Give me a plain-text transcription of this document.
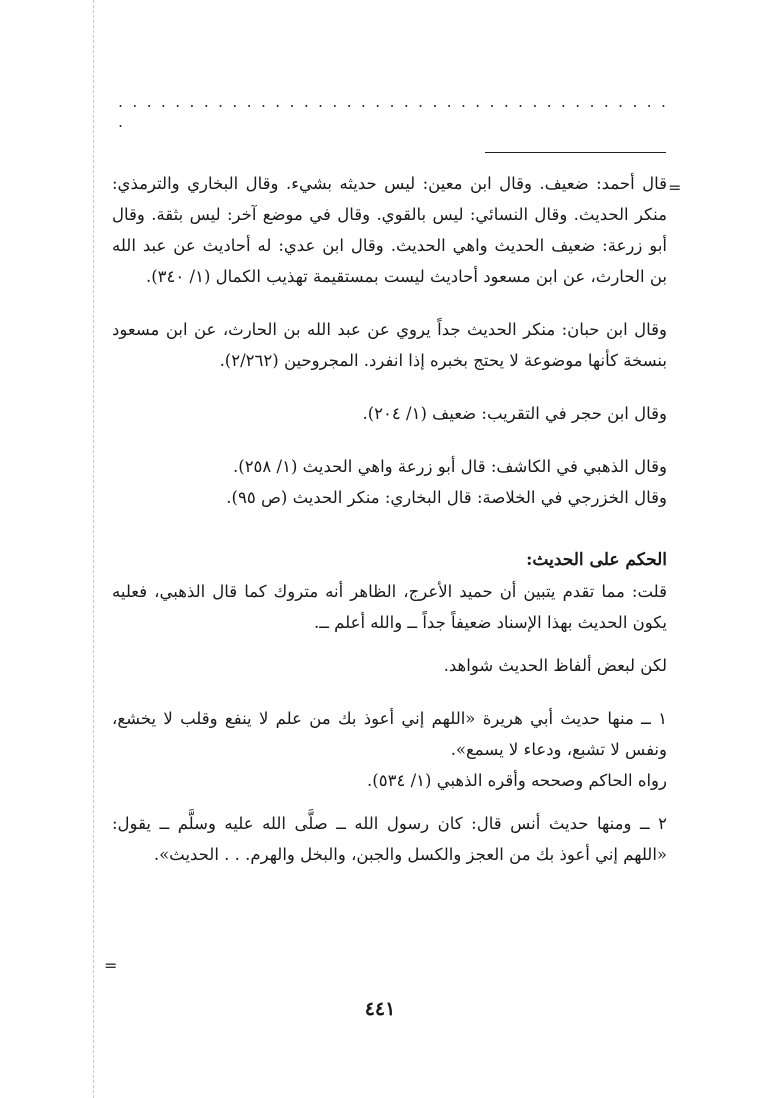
. . . . . . . . . . . . . . . . . . . . . . . . . . . . . . . . . . . . . . . .
=
=

قال أحمد: ضعيف. وقال ابن معين: ليس حديثه بشيء. وقال البخاري والترمذي: منكر الحديث. وقال النسائي: ليس بالقوي. وقال في موضع آخر: ليس بثقة. وقال أبو زرعة: ضعيف الحديث واهي الحديث. وقال ابن عدي: له أحاديث عن عبد الله بن الحارث، عن ابن مسعود أحاديث ليست بمستقيمة تهذيب الكمال (١/ ٣٤٠).

وقال ابن حبان: منكر الحديث جداً يروي عن عبد الله بن الحارث، عن ابن مسعود بنسخة كأنها موضوعة لا يحتج بخبره إذا انفرد. المجروحين (٢/٢٦٢).

وقال ابن حجر في التقريب: ضعيف (١/ ٢٠٤).

وقال الذهبي في الكاشف: قال أبو زرعة واهي الحديث (١/ ٢٥٨).

وقال الخزرجي في الخلاصة: قال البخاري: منكر الحديث (ص ٩٥).

الحكم على الحديث:

قلت: مما تقدم يتبين أن حميد الأعرج، الظاهر أنه متروك كما قال الذهبي، فعليه يكون الحديث بهذا الإسناد ضعيفاً جداً ــ والله أعلم ــ.

لكن لبعض ألفاظ الحديث شواهد.

١ ــ منها حديث أبي هريرة «اللهم إني أعوذ بك من علم لا ينفع وقلب لا يخشع، ونفس لا تشبع، ودعاء لا يسمع».

رواه الحاكم وصححه وأقره الذهبي (١/ ٥٣٤).

٢ ــ ومنها حديث أنس قال: كان رسول الله ــ صلَّى الله عليه وسلَّم ــ يقول: «اللهم إني أعوذ بك من العجز والكسل والجبن، والبخل والهرم. . . الحديث».

٤٤١
